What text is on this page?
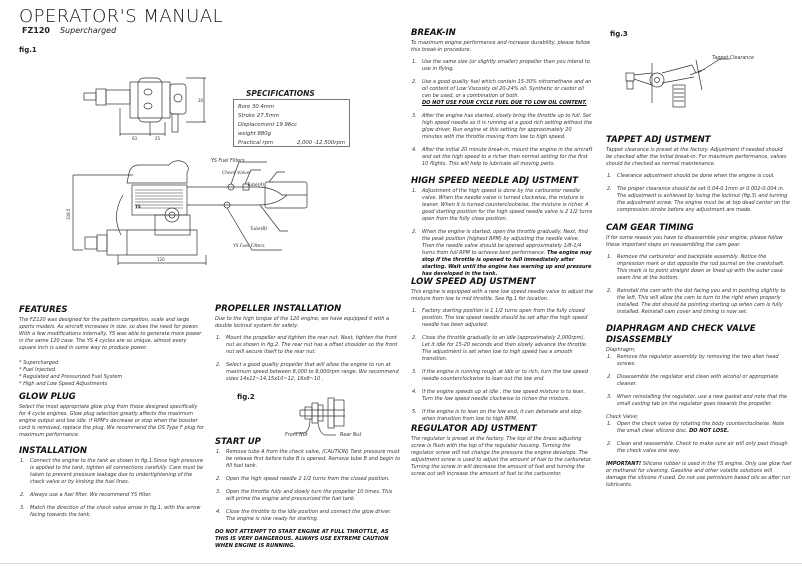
OPERATOR'S MANUAL
FZ120 Supercharged
fig.1
63	25
30
SPECIFICATIONS
Bore 30.4mm
Stroke 27.5mm
Displacement 19.96cc
weight 880g
Practical rpm	2,000 -12,500rpm
YS
108.5
120
YS Fuel Filters
Check Valve
Tube(A)
Tube(B)
YS Fuel Filters
FEATURES

The FZ120 was designed for the pattern competion, scale and large sports models. As aircraft increases in size, so does the need for power.

With a few modifications internally, YS was able to generate more power in the same 120 case. The YS 4 cycles are so unique, almost every square inch is used in some way to produce power.

* Supercharged

* Fuel Injected

* Regulated and Pressurized Fuel System

* High and Low Speed Adjustments

GLOW PLUG

Select the most appropriate glow plug from those designed specifically for 4 cycle engines. Glow plug selection greatly affects the maximum engine output and low idle. If RPM's decrease or stop when the booster cord is removed, replace the plug. We recommend the OS Type F plug for maximum performance.

INSTALLATION
1. Connect the engine to the tank as shown in fig.1.Since high pressure is applied to the tank, tighten all connections carefully. Care must be taken to prevent pressure leakage due to undertightening of the check valve or by kinking the fuel lines.
2. Always use a fuel filter. We recommend YS filter.
3. Match the direction of the check valve arrow in fig.1, with the arrow facing towards the tank.
PROPELLER INSTALLATION

Due to the high torque of the 120 engine, we have equipped it with a double locknut system for safety.

1. Mount the propeller and tighten the rear nut. Next, tighten the front nut as shown in fig.2. The rear nut has a offset shoulder so the front nut will secure itself to the rear nut.
2. Select a good quality propeller that will allow the engine to run at maximum speed between 8,000 to 9,000rpm range. We recommend sizes 14x12~14,15x10~12, 16x8~10 .
fig.2
Front Nut	Rear Nut
START UP
1. Remove tube A from the check valve, (CAUTION) Tank pressure must be release first before tube B is opened. Remove tube B and begin to fill fuel tank.
2. Open the high speed needle 2 1/2 turns from the closed position.
3. Open the throttle fully and slowly turn the propeller 10 times. This will prime the engine and pressurized the fuel tank.
4. Close the throttle to the idle position and connect the glow driver. The engine is now ready for starting.

DO NOT ATTEMPT TO START ENGINE AT FULL THROTTLE, AS THIS IS VERY DANGEROUS. ALWAYS USE EXTREME CAUTION WHEN ENGINE IS RUNNING.

BREAK-IN

To maximum engine performance and increase durability, please follow this break-in procedure.

1. Use the same size (or slightly smaller) propeller than you intend to use in flying.
2. Use a good quality fuel which contain 15-30% nitromethane and an oil content of Low Viscosity oil 20-24% oil. Synthetic or castor oil can be used, or a combination of both.
DO NOT USE FOUR CYCLE FUEL DUE TO LOW OIL CONTENT.
3. After the engine has started, slowly bring the throttle up to full. Set high speed needle so it is running at a good rich setting without the glow driver. Run engine at this setting for approximately 20 minutes with the throttle moving from low to high speed.
4. After the initial 20 minute break-in, mount the engine in the aircraft and set the high speed to a richer than normal setting for the first 10 flights. This will help to lubricate all moving parts.
HIGH SPEED NEEDLE ADJ USTMENT
1. Adjustment of the high speed is done by the carburetor needle valve. When the needle valve is turned clockwise, the mixture is leaner. When it is turned counterclockwise, the mixture is richer. A good starting position for the high speed needle valve is 2 1/2 turns open from the fully close position.
2. When the engine is started, open the throttle gradually. Next, find the peak position (highest RPM) by adjusting the needle valve. Then the needle valve should be opened approximately 1/8-1/4 turns from full RPM to achieve best performance. The engine may stop if the throttle is opened to full immediately after starting. Wait until the engine has warning up and pressure has developed in the tank.
LOW SPEED ADJ USTMENT

This engine is equipped with a new low speed needle valve to adjust the mixture from low to mid throttle. See fig.1 for location.

1. Factory starting position is 1 1/2 turns open from the fully closed position. The low speed needle should be set after the high speed needle has been adjusted.
2. Close the throttle gradually to an idle (approximately 2,000rpm). Let it idle for 15-20 seconds and then slowly advance the throttle. The adjustment is set when low to high speed has a smooth transition.
3. If the engine is running rough at idle or to rich, turn the low speed needle counterclockwise to lean out the low end.
4. If the engine speeds up at idle , the low speed mixture is to lean. Turn the low speed needle clockwise to richen the mixture.
5. If the engine is to lean on the low end, it can detonate and stop when transition from low to high RPM.
REGULATOR ADJ USTMENT

The regulator is preset at the factory. The top of the brass adjusting screw is flush with the top of the regulator housing. Turning the regulator screw will not change the pressure the engine develops. The adjustment screw is used to adjust the amount of fuel to the carburetor. Turning the screw in will decrease the amount of fuel and turning the screw out will increase the amount of fuel to the carburetor.

fig.3
Tappet Clearance
TAPPET ADJ USTMENT

Tappet clearance is preset at the factory. Adjustment if needed should be checked after the initial break-in. For maximum performance, valves should be checked as normal maintenance.

1. Clearance adjustment should be done when the engine is cool.
2. The proper clearance should be set 0.04-0.1mm or 0.002-0.004 in. The adjustment is achieved by losing the locknut (fig.3) and turning the adjustment screw. The engine must be at top dead center on the compression stroke before any adjustment are made.
CAM GEAR TIMING

If for some reason you have to disassemble your engine, please follow these important steps on reassembling the cam gear.

1. Remove the carburetor and backplate assembly. Notice the impression mark or dot opposite the rod journal on the crankshaft. This mark is to point straight down or lined up with the outer case seam line at the bottom.
2. Reinstall the cam with the dot facing you and in pointing slightly to the left. This will allow the cam to turn to the right when properly installed. The dot should be pointing starting up when cam is fully installed. Reinstall cam cover and timing is now set.
DIAPHRAGM AND CHECK VALVE DISASSEMBLY

Diaphragm;

1. Remove the regulator assembly by removing the two allen head screws.
2. Disassemble the regulator and clean with alcohol or appropriate cleaner.
3. When reinstalling the regulator, use a new gasket and note that the small casting tab on the regulator goes towards the propeller.

Check Valve;

1. Open the check valve by rotating the body counterclockwise. Note the small clear silicone disc. DO NOT LOSE.
2. Clean and reassemble. Check to make sure air will only past though the check valve one way.

IMPORTANT! Silicone rubber is used in the YS engine. Only use glow fuel or methanol for cleaning. Gasoline and other volatile solutions will damage the silicone if used. Do not use petroleum based oils as after run lubricants.
